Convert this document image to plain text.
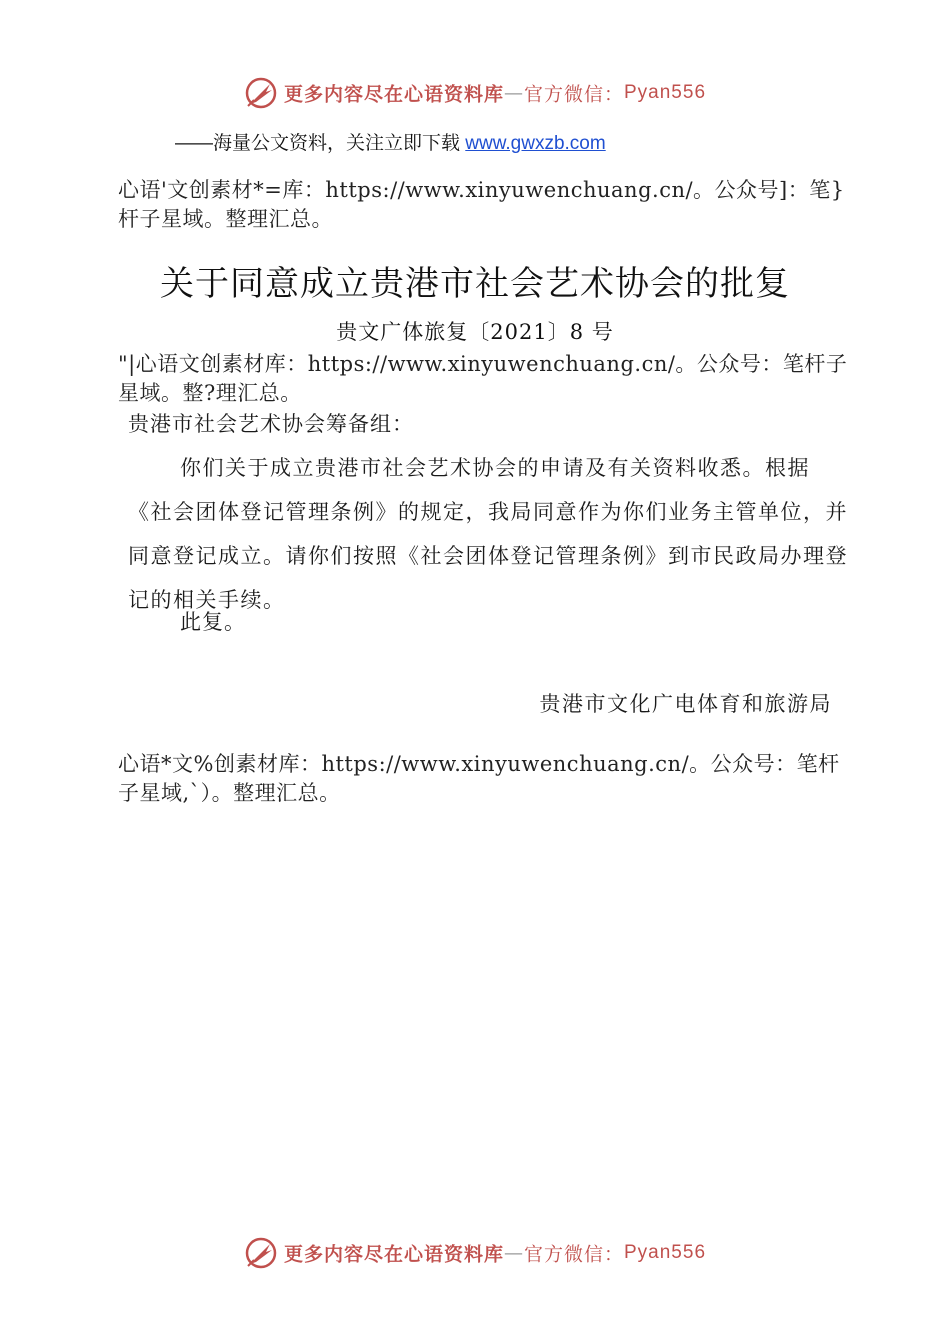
更多内容尽在心语资料库—官方微信：Pyan556
——海量公文资料，关注立即下载 www.gwxzb.com
心语'文创素材*=库：https://www.xinyuwenchuang.cn/。公众号]：笔}杆子星域。整理汇总。
关于同意成立贵港市社会艺术协会的批复
贵文广体旅复〔2021〕8 号
"|心语文创素材库：https://www.xinyuwenchuang.cn/。公众号：笔杆子星域。整?理汇总。
贵港市社会艺术协会筹备组：
你们关于成立贵港市社会艺术协会的申请及有关资料收悉。根据《社会团体登记管理条例》的规定，我局同意作为你们业务主管单位，并同意登记成立。请你们按照《社会团体登记管理条例》到市民政局办理登记的相关手续。
此复。
贵港市文化广电体育和旅游局
心语*文%创素材库：https://www.xinyuwenchuang.cn/。公众号：笔杆子星域,`）。整理汇总。
更多内容尽在心语资料库—官方微信：Pyan556
